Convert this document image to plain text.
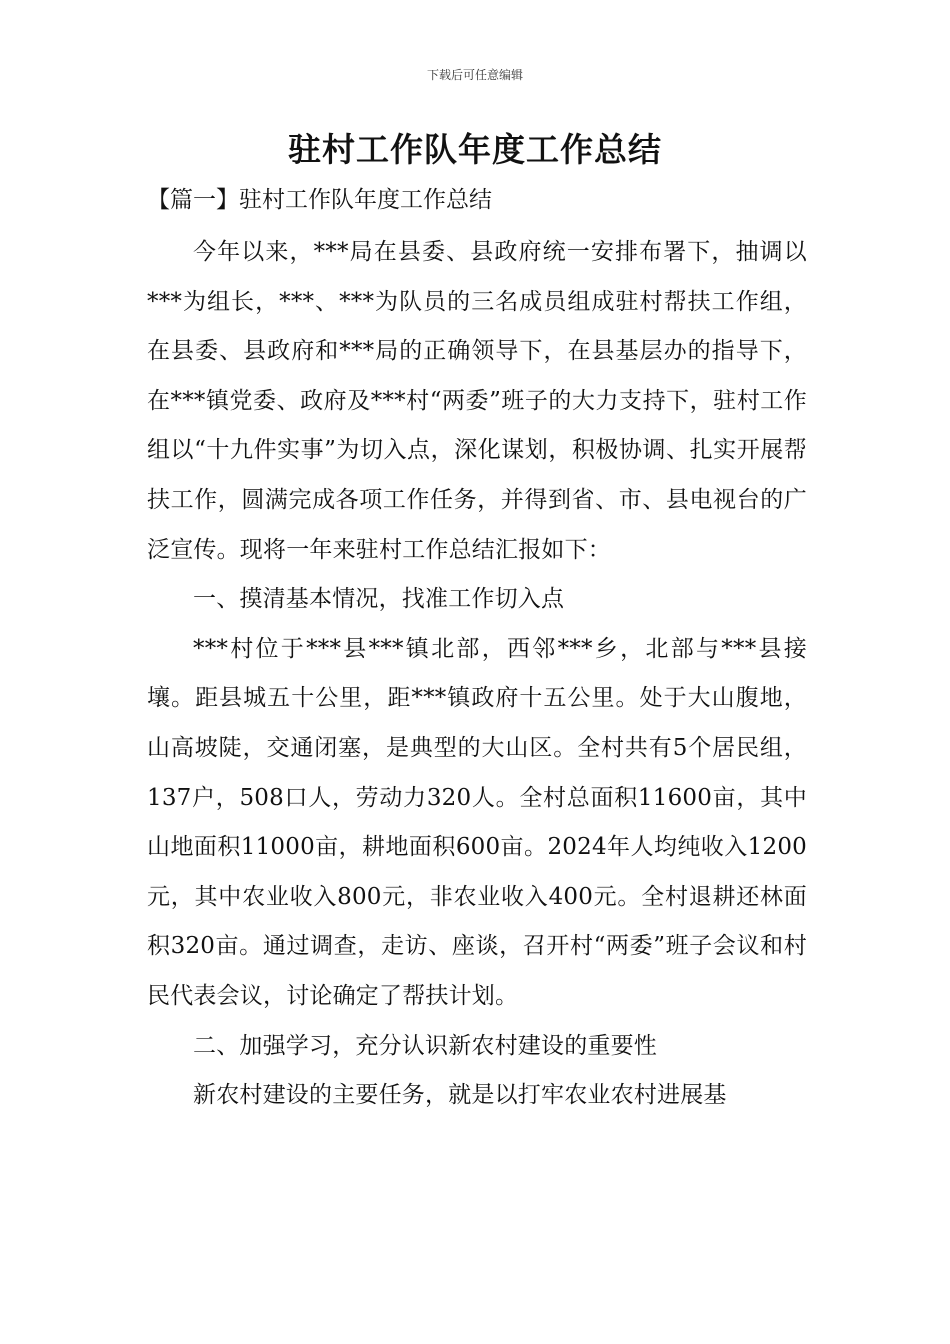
下载后可任意编辑
驻村工作队年度工作总结

【篇一】驻村工作队年度工作总结

今年以来，***局在县委、县政府统一安排布署下，抽调以***为组长，***、***为队员的三名成员组成驻村帮扶工作组，在县委、县政府和***局的正确领导下，在县基层办的指导下，在***镇党委、政府及***村“两委”班子的大力支持下，驻村工作组以“十九件实事”为切入点，深化谋划，积极协调、扎实开展帮扶工作，圆满完成各项工作任务，并得到省、市、县电视台的广泛宣传。现将一年来驻村工作总结汇报如下：

一、摸清基本情况，找准工作切入点

***村位于***县***镇北部，西邻***乡，北部与***县接壤。距县城五十公里，距***镇政府十五公里。处于大山腹地，山高坡陡，交通闭塞，是典型的大山区。全村共有5个居民组，137户，508口人，劳动力320人。全村总面积11600亩，其中山地面积11000亩，耕地面积600亩。2024年人均纯收入1200元，其中农业收入800元，非农业收入400元。全村退耕还林面积320亩。通过调查，走访、座谈，召开村“两委”班子会议和村民代表会议，讨论确定了帮扶计划。

二、加强学习，充分认识新农村建设的重要性

新农村建设的主要任务，就是以打牢农业农村进展基
